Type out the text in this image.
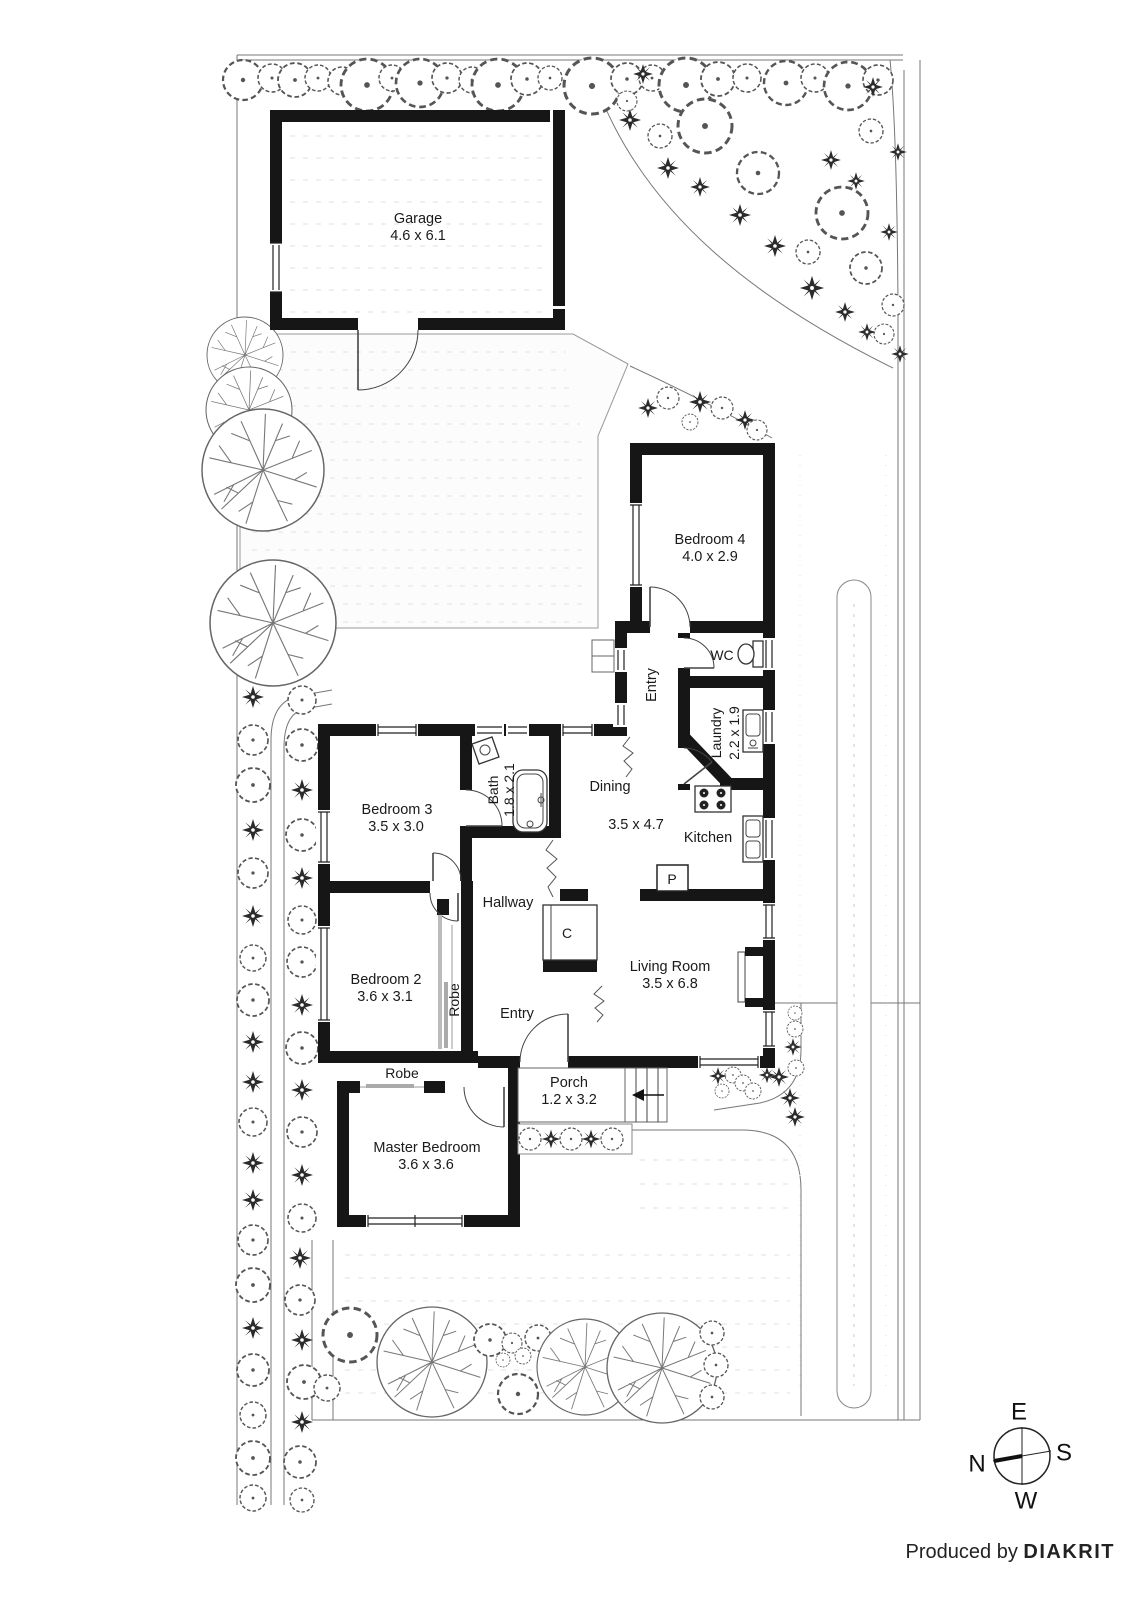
Garage
4.6 x 6.1
Bedroom 4
4.0 x 2.9
Entry
WC
Laundry 2.2 x 1.9
Bath 1.8 x 2.1	Dining
3.5 x 4.7
Kitchen
P
Bedroom 3
3.5 x 3.0
Hallway
C
Bedroom 2
3.6 x 3.1 Robe	Entry
Living Room
3.5 x 6.8
Robe
Porch
1.2 x 3.2
Master Bedroom
3.6 x 3.6
E
S
W
N
Produced by DIAKRIT
